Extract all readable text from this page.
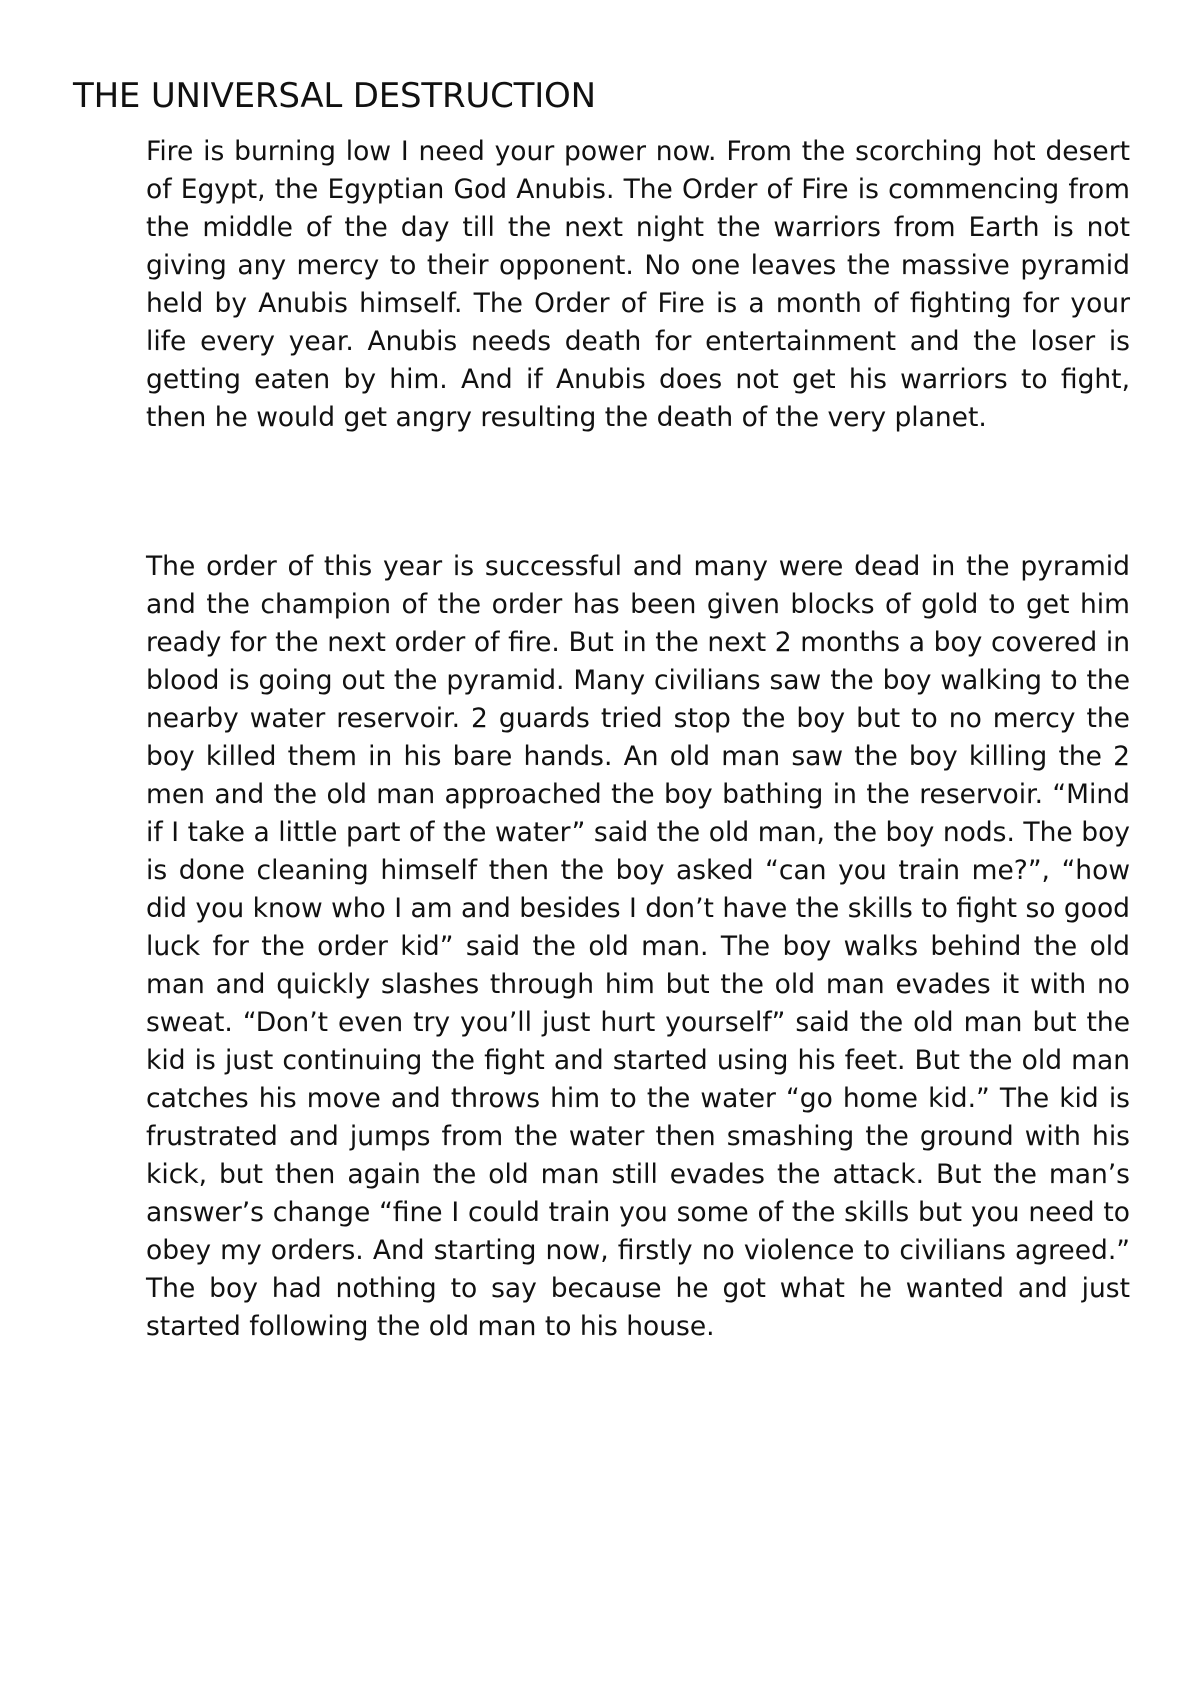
THE UNIVERSAL DESTRUCTION

Fire is burning low I need your power now. From the scorching hot desert of Egypt, the Egyptian God Anubis. The Order of Fire is commencing from the middle of the day till the next night the warriors from Earth is not giving any mercy to their opponent. No one leaves the massive pyramid held by Anubis himself. The Order of Fire is a month of fighting for your life every year. Anubis needs death for entertainment and the loser is getting eaten by him. And if Anubis does not get his warriors to fight, then he would get angry resulting the death of the very planet.

The order of this year is successful and many were dead in the pyramid and the champion of the order has been given blocks of gold to get him ready for the next order of fire. But in the next 2 months a boy covered in blood is going out the pyramid. Many civilians saw the boy walking to the nearby water reservoir. 2 guards tried stop the boy but to no mercy the boy killed them in his bare hands. An old man saw the boy killing the 2 men and the old man approached the boy bathing in the reservoir. “Mind if I take a little part of the water” said the old man, the boy nods. The boy is done cleaning himself then the boy asked “can you train me?”, “how did you know who I am and besides I don’t have the skills to fight so good luck for the order kid” said the old man. The boy walks behind the old man and quickly slashes through him but the old man evades it with no sweat. “Don’t even try you’ll just hurt yourself” said the old man but the kid is just continuing the fight and started using his feet. But the old man catches his move and throws him to the water “go home kid.” The kid is frustrated and jumps from the water then smashing the ground with his kick, but then again the old man still evades the attack. But the man’s answer’s change “fine I could train you some of the skills but you need to obey my orders. And starting now, firstly no violence to civilians agreed.” The boy had nothing to say because he got what he wanted and just started following the old man to his house.
